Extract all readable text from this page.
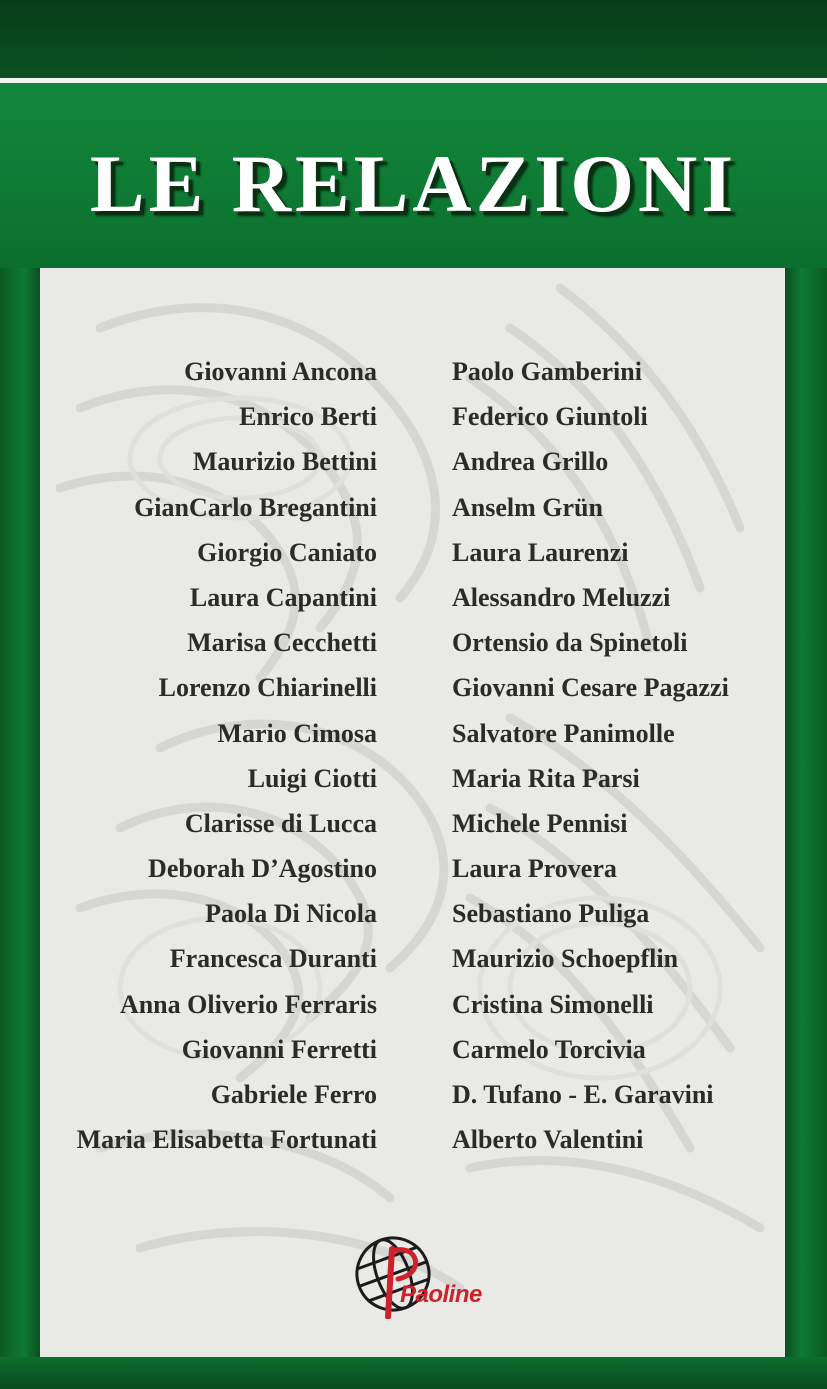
LE RELAZIONI
Giovanni Ancona
Enrico Berti
Maurizio Bettini
GianCarlo Bregantini
Giorgio Caniato
Laura Capantini
Marisa Cecchetti
Lorenzo Chiarinelli
Mario Cimosa
Luigi Ciotti
Clarisse di Lucca
Deborah D’Agostino
Paola Di Nicola
Francesca Duranti
Anna Oliverio Ferraris
Giovanni Ferretti
Gabriele Ferro
Maria Elisabetta Fortunati
Paolo Gamberini
Federico Giuntoli
Andrea Grillo
Anselm Grün
Laura Laurenzi
Alessandro Meluzzi
Ortensio da Spinetoli
Giovanni Cesare Pagazzi
Salvatore Panimolle
Maria Rita Parsi
Michele Pennisi
Laura Provera
Sebastiano Puliga
Maurizio Schoepflin
Cristina Simonelli
Carmelo Torcivia
D. Tufano - E. Garavini
Alberto Valentini
Paoline
